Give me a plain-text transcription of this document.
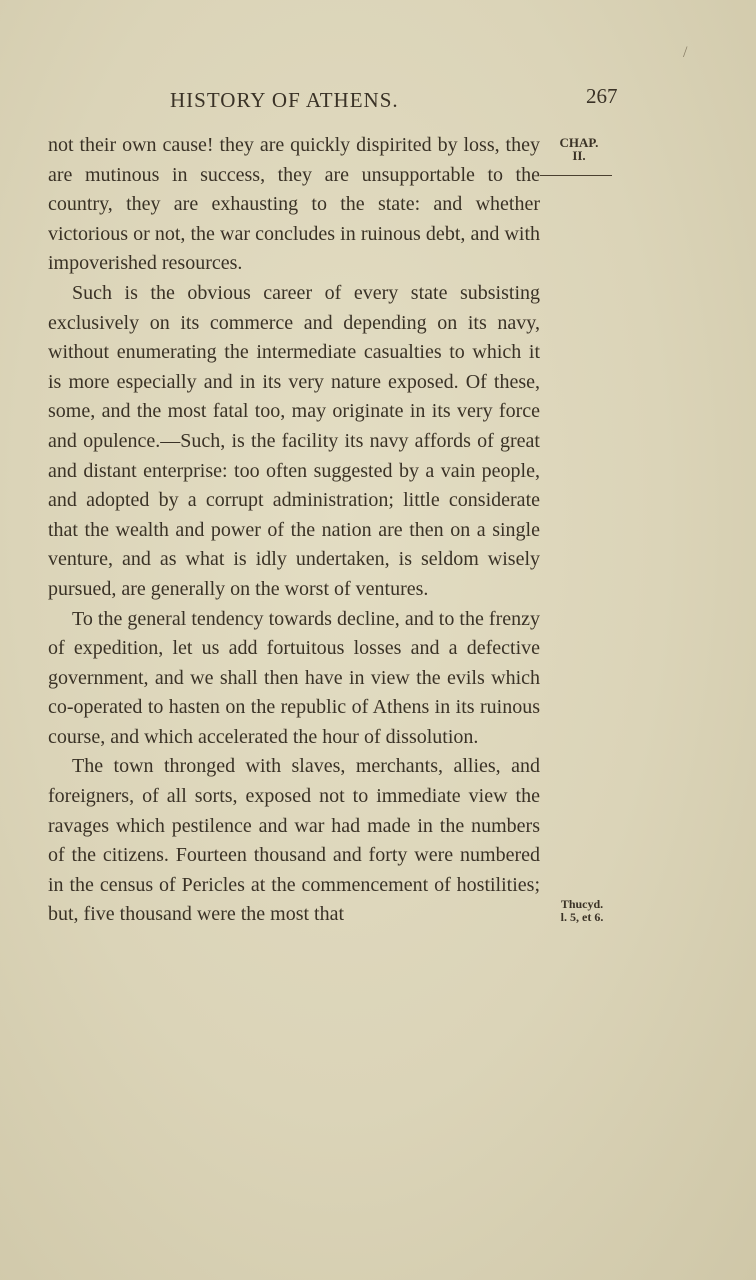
/
HISTORY OF ATHENS.	267
CHAP.
II.
Thucyd.
l. 5, et 6.

not their own cause! they are quickly dispirited by loss, they are mutinous in success, they are unsupportable to the country, they are exhausting to the state: and whether victorious or not, the war concludes in ruinous debt, and with impoverished resources.

Such is the obvious career of every state subsisting exclusively on its commerce and depending on its navy, without enumerating the intermediate casualties to which it is more especially and in its very nature exposed. Of these, some, and the most fatal too, may originate in its very force and opulence.—Such, is the facility its navy affords of great and distant enterprise: too often suggested by a vain people, and adopted by a corrupt administration; little considerate that the wealth and power of the nation are then on a single venture, and as what is idly undertaken, is seldom wisely pursued, are generally on the worst of ventures.

To the general tendency towards decline, and to the frenzy of expedition, let us add fortuitous losses and a defective government, and we shall then have in view the evils which co-operated to hasten on the republic of Athens in its ruinous course, and which accelerated the hour of dissolution.

The town thronged with slaves, merchants, allies, and foreigners, of all sorts, exposed not to immediate view the ravages which pestilence and war had made in the numbers of the citizens. Fourteen thousand and forty were numbered in the census of Pericles at the commencement of hostilities; but, five thousand were the most that
